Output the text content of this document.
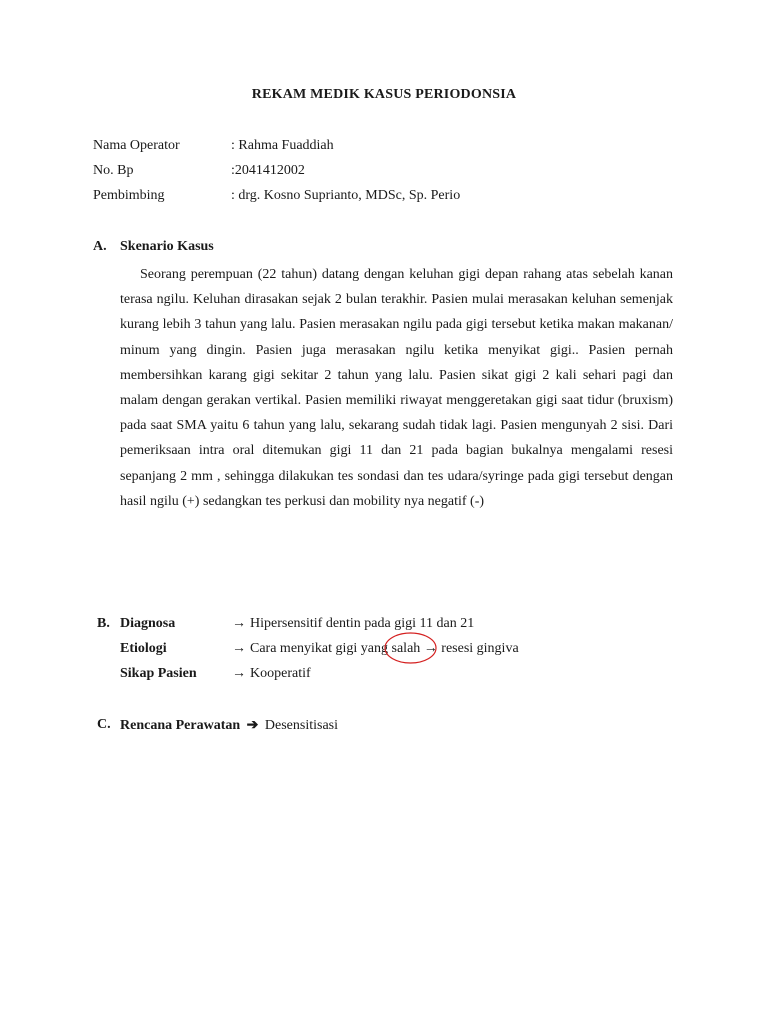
REKAM MEDIK KASUS PERIODONSIA
Nama Operator	: Rahma Fuaddiah
No. Bp	:2041412002
Pembimbing	: drg. Kosno Suprianto, MDSc, Sp. Perio
A. Skenario Kasus

Seorang perempuan (22 tahun) datang dengan keluhan gigi depan rahang atas sebelah kanan terasa ngilu. Keluhan dirasakan sejak 2 bulan terakhir. Pasien mulai merasakan keluhan semenjak kurang lebih 3 tahun yang lalu. Pasien merasakan ngilu pada gigi tersebut ketika makan makanan/ minum yang dingin. Pasien juga merasakan ngilu ketika menyikat gigi.. Pasien pernah membersihkan karang gigi sekitar 2 tahun yang lalu. Pasien sikat gigi 2 kali sehari pagi dan malam dengan gerakan vertikal. Pasien memiliki riwayat menggeretakan gigi saat tidur (bruxism) pada saat SMA yaitu 6 tahun yang lalu, sekarang sudah tidak lagi. Pasien mengunyah 2 sisi. Dari pemeriksaan intra oral ditemukan gigi 11 dan 21 pada bagian bukalnya mengalami resesi sepanjang 2 mm , sehingga dilakukan tes sondasi dan tes udara/syringe pada gigi tersebut dengan hasil ngilu (+) sedangkan tes perkusi dan mobility nya negatif (-)

B. Diagnosa	→ Hipersensitif dentin pada gigi 11 dan 21
Etiologi	→ Cara menyikat gigi yang salah → resesi gingiva
Sikap Pasien	→ Kooperatif
C. Rencana Perawatan ➔ Desensitisasi
